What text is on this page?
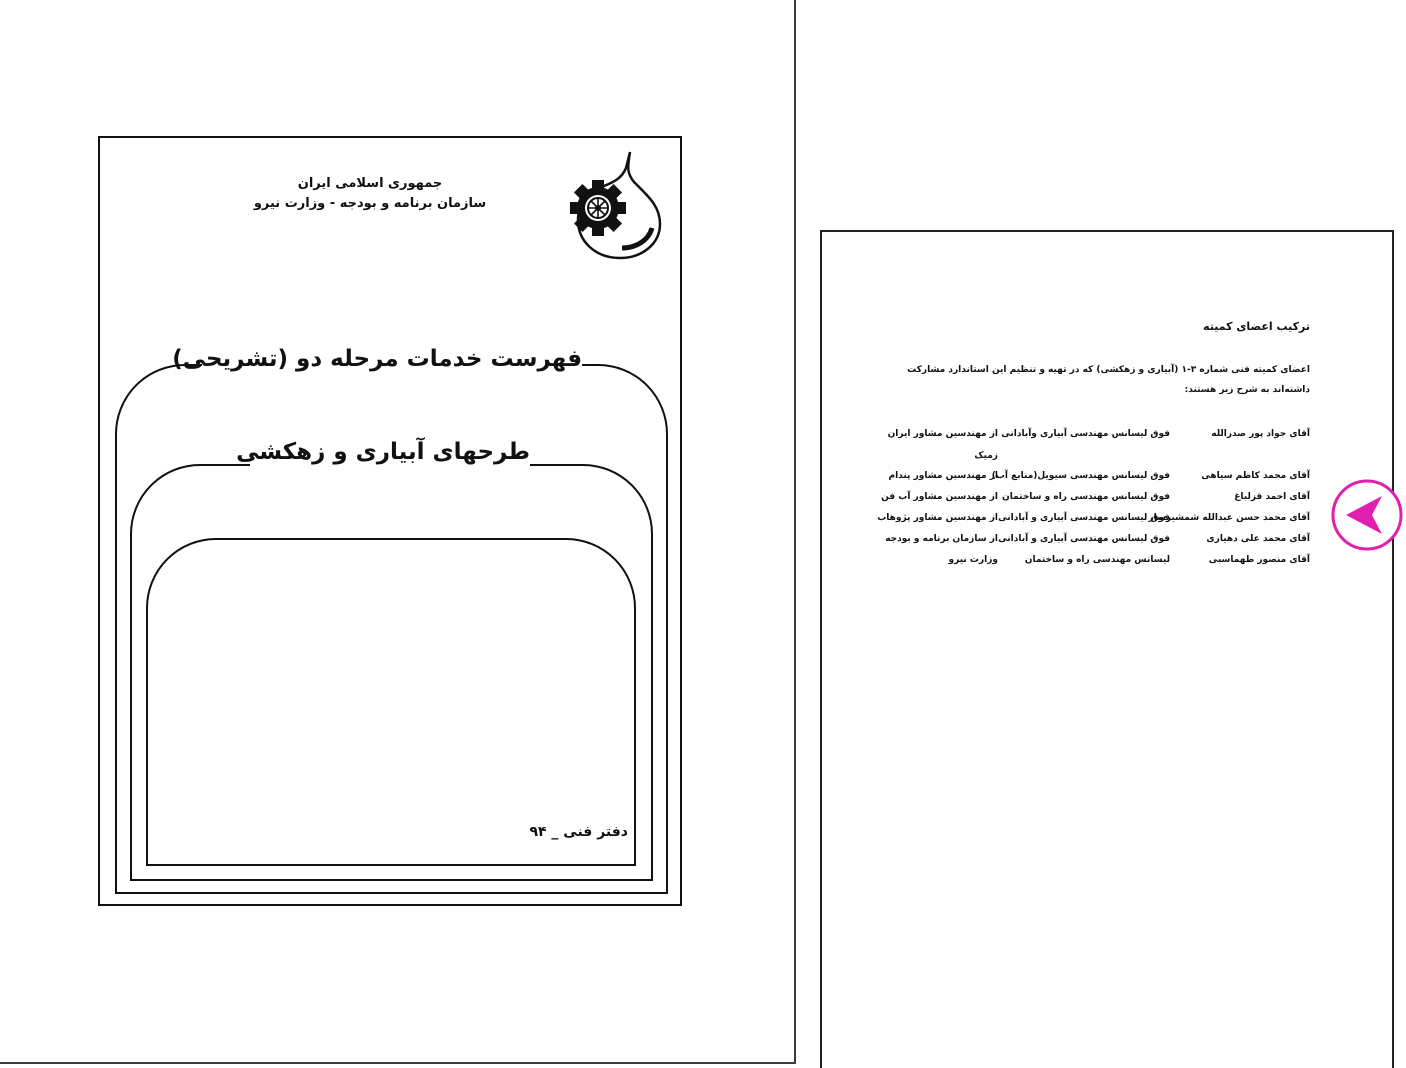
جمهوری اسلامی ایران
سازمان برنامه و بودجه - وزارت نیرو
فهرست خدمات مرحله دو (تشریحی)
طرحهای آبیاری و زهکشی
دفتر فنی _ ۹۴
ترکیب اعضای کمیته
اعضای کمیته فنی شماره ۳-۱ (آبیاری و زهکشی) که در تهیه و تنظیم این استاندارد مشارکت داشته‌اند به شرح زیر هستند:
آقای جواد پور صدرالله
فوق لیسانس مهندسی آبیاری وآبادانی
از مهندسین مشاور ایران
زمیک
آقای محمد کاظم سیاهی
فوق لیسانس مهندسی سیویل(منابع آب)
از مهندسین مشاور پندام
آقای احمد قزلباغ
فوق لیسانس مهندسی راه و ساختمان
از مهندسین مشاور آب فن
آقای محمد حسن عبدالله شمشیرساز
فوق لیسانس مهندسی آبیاری و آبادانی
از مهندسین مشاور پژوهاب
آقای محمد علی دهیاری
فوق لیسانس مهندسی آبیاری و آبادانی
از سازمان برنامه و بودجه
آقای منصور طهماسبی
لیسانس مهندسی راه و ساختمان
وزارت نیرو
